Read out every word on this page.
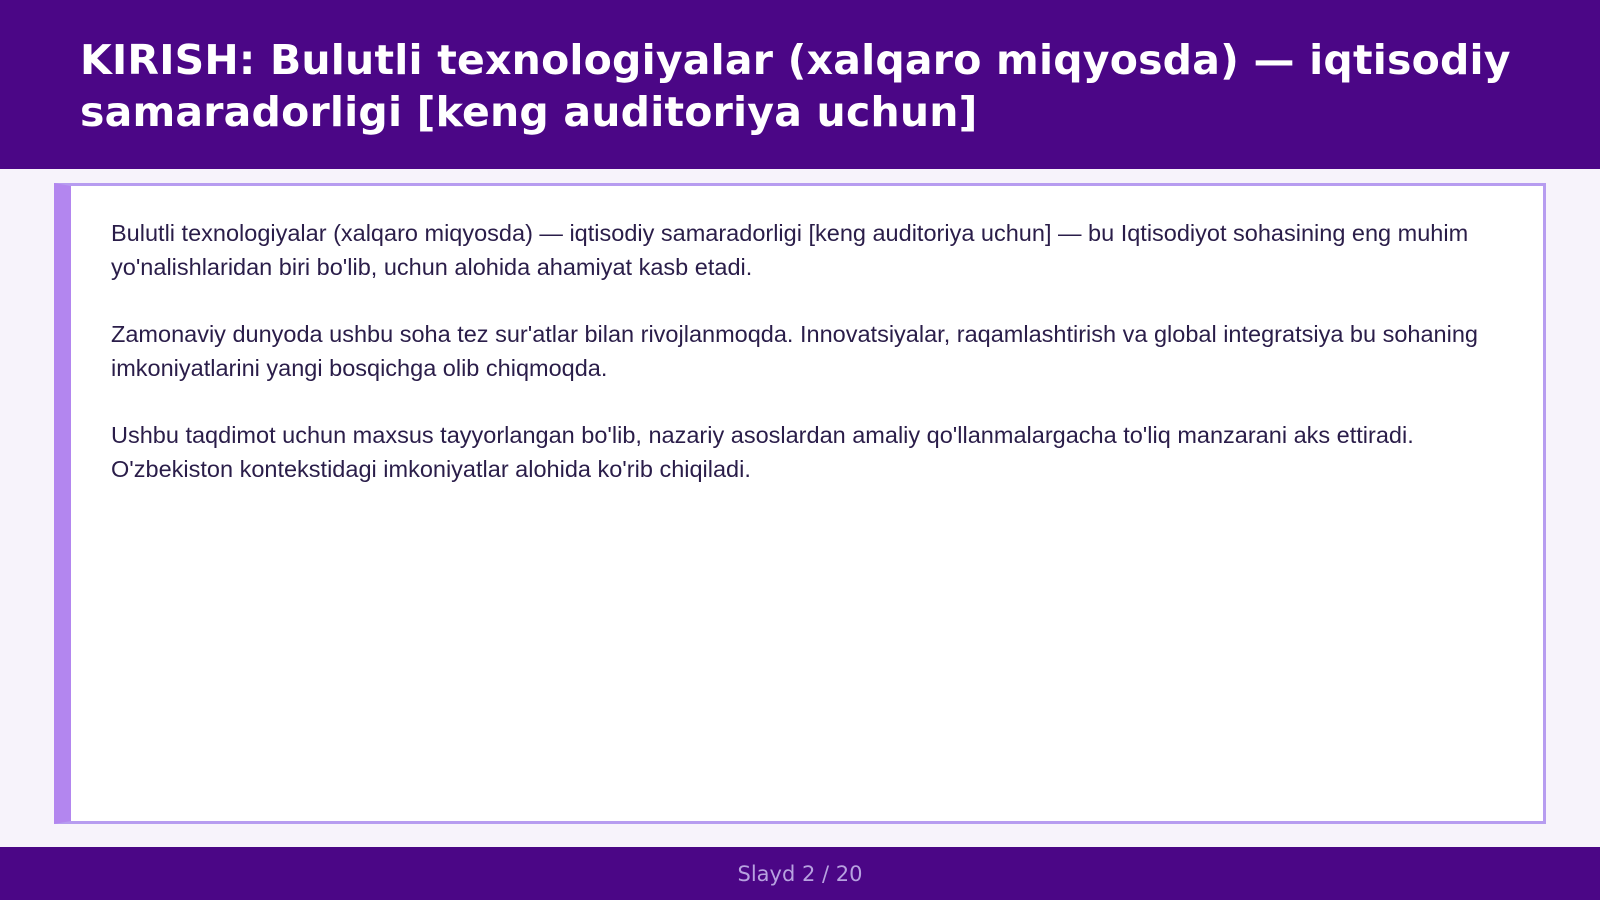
KIRISH: Bulutli texnologiyalar (xalqaro miqyosda) — iqtisodiy samaradorligi [keng auditoriya uchun]

Bulutli texnologiyalar (xalqaro miqyosda) — iqtisodiy samaradorligi [keng auditoriya uchun] — bu Iqtisodiyot sohasining eng muhim yo'nalishlaridan biri bo'lib, uchun alohida ahamiyat kasb etadi.

Zamonaviy dunyoda ushbu soha tez sur'atlar bilan rivojlanmoqda. Innovatsiyalar, raqamlashtirish va global integratsiya bu sohaning imkoniyatlarini yangi bosqichga olib chiqmoqda.

Ushbu taqdimot uchun maxsus tayyorlangan bo'lib, nazariy asoslardan amaliy qo'llanmalargacha to'liq manzarani aks ettiradi. O'zbekiston kontekstidagi imkoniyatlar alohida ko'rib chiqiladi.

Slayd 2 / 20
